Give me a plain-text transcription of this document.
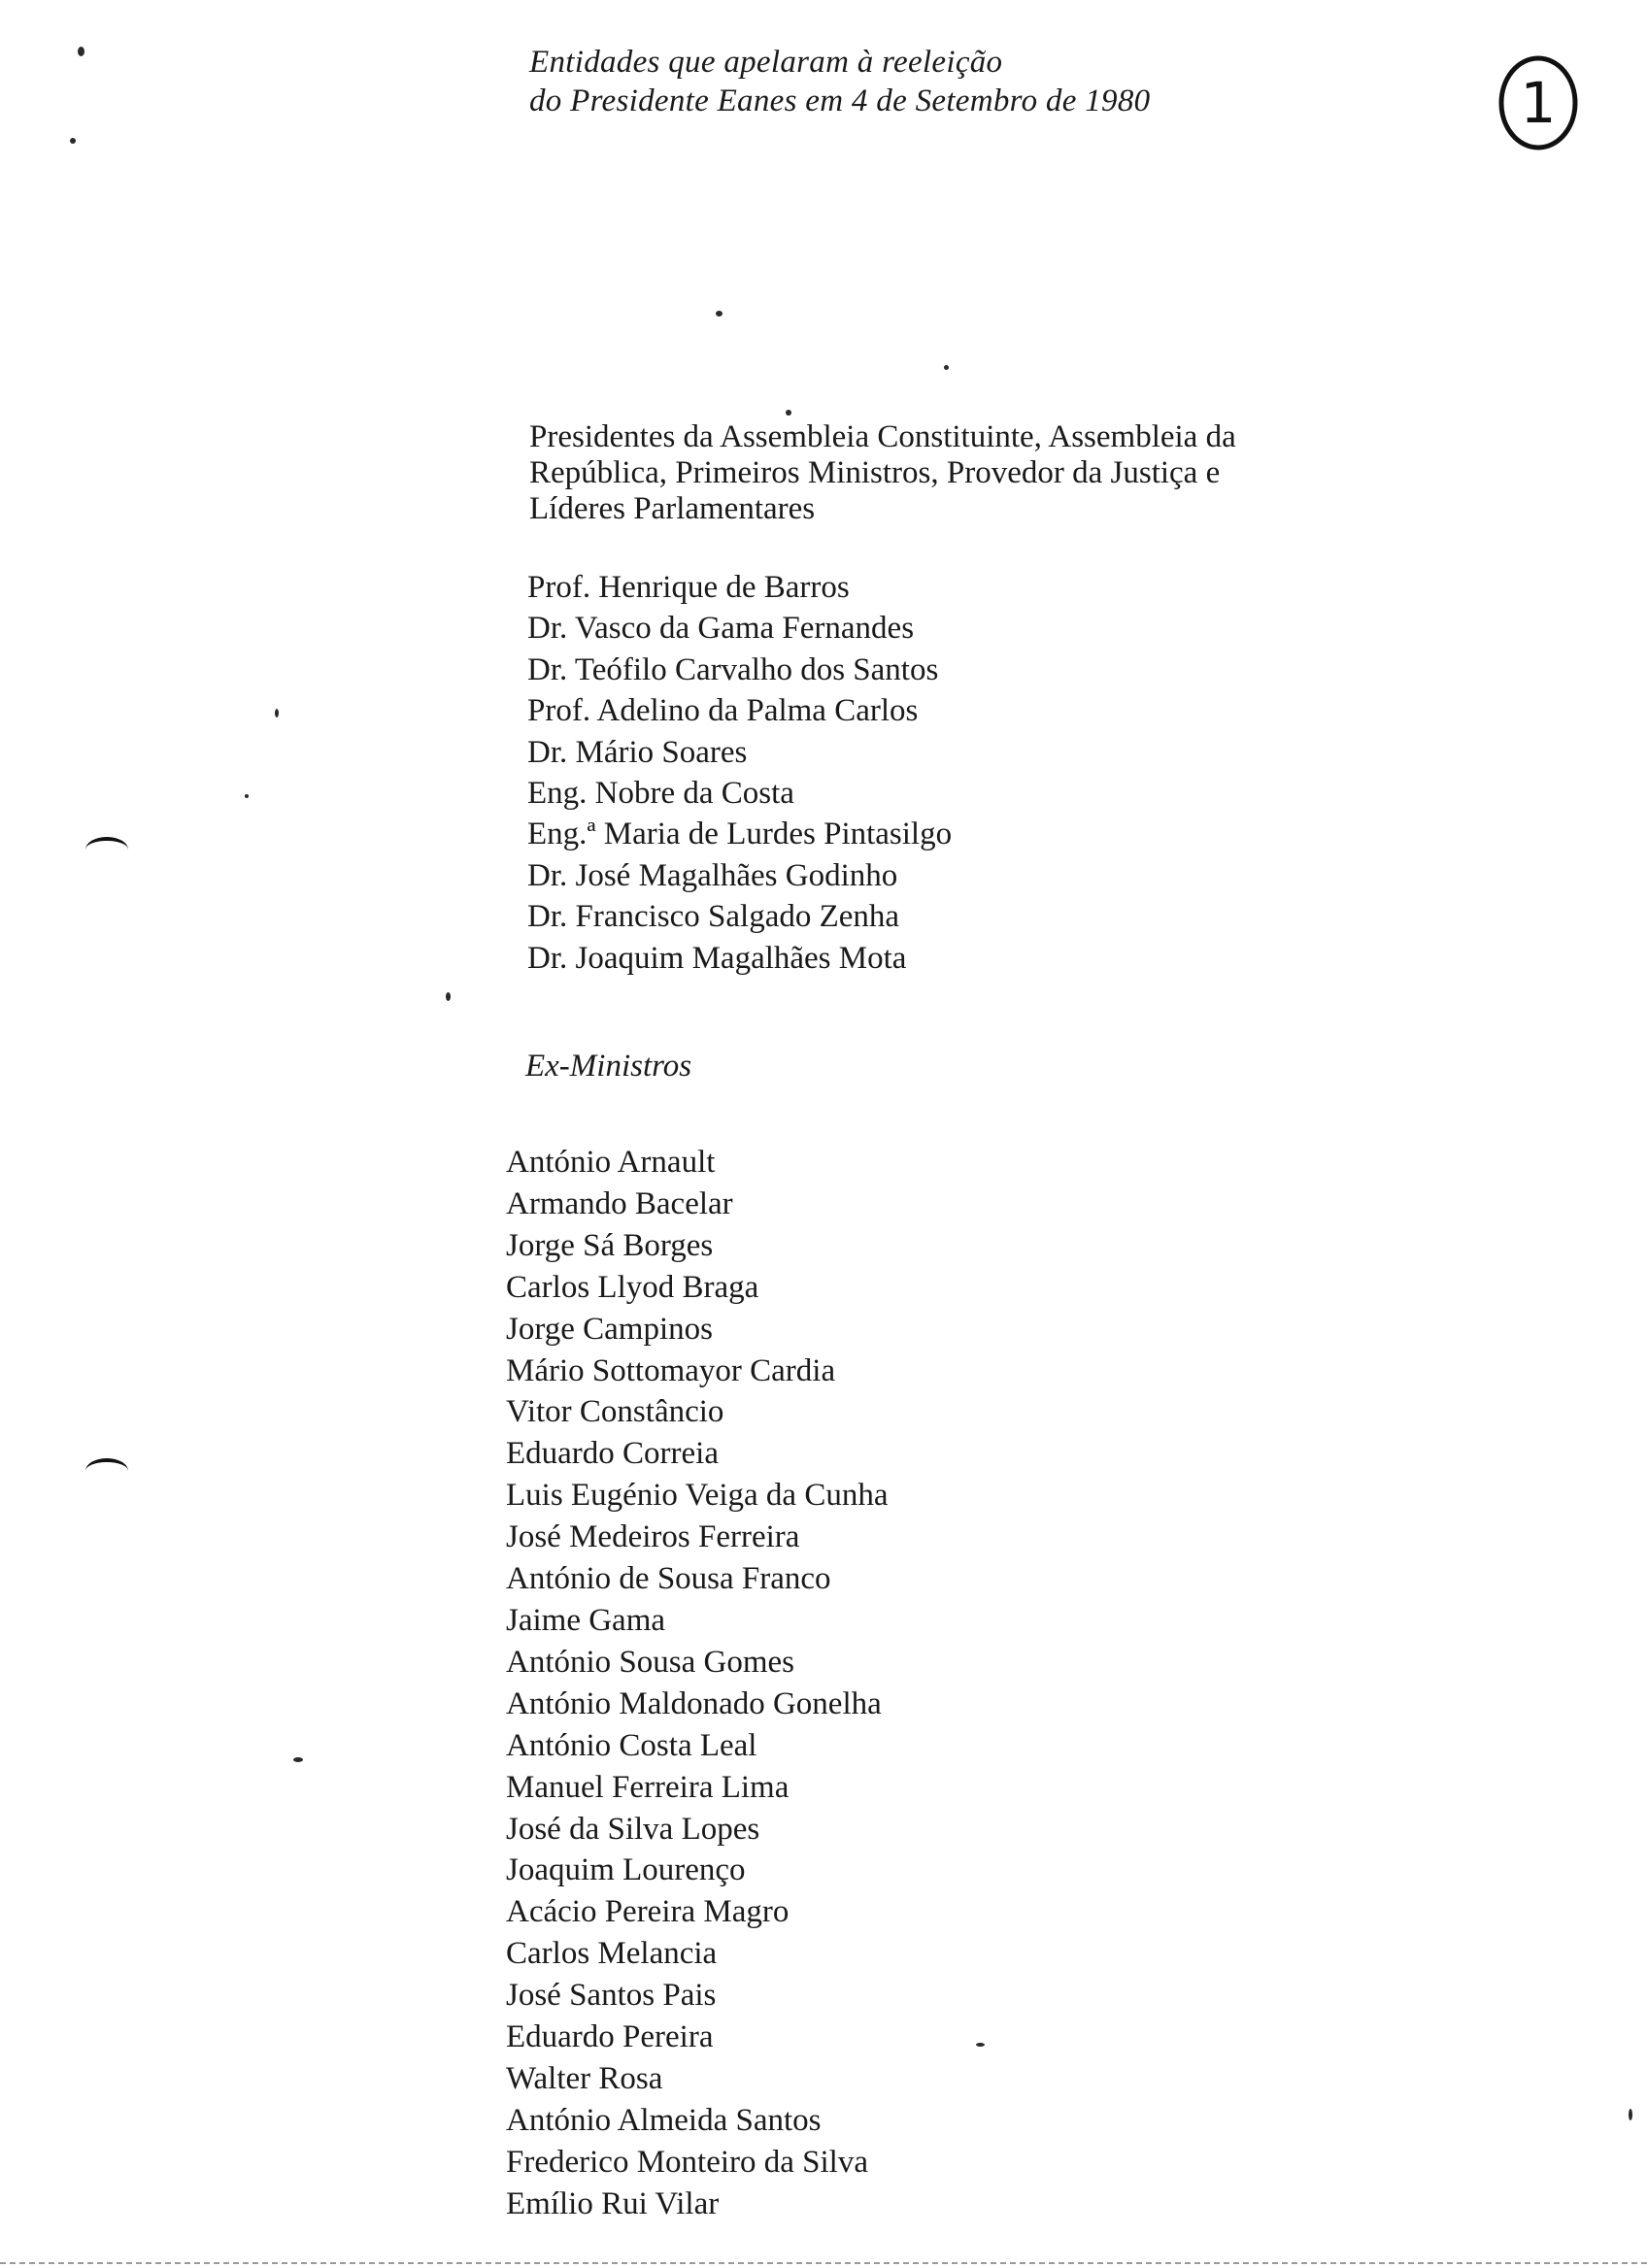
Entidades que apelaram à reeleição
do Presidente Eanes em 4 de Setembro de 1980	1
Presidentes da Assembleia Constituinte, Assembleia da
República, Primeiros Ministros, Provedor da Justiça e
Líderes Parlamentares
Prof. Henrique de Barros
Dr. Vasco da Gama Fernandes
Dr. Teófilo Carvalho dos Santos
Prof. Adelino da Palma Carlos
Dr. Mário Soares
Eng. Nobre da Costa
Eng.ª Maria de Lurdes Pintasilgo
Dr. José Magalhães Godinho
Dr. Francisco Salgado Zenha
Dr. Joaquim Magalhães Mota
Ex-Ministros
António Arnault
Armando Bacelar
Jorge Sá Borges
Carlos Llyod Braga
Jorge Campinos
Mário Sottomayor Cardia
Vitor Constâncio
Eduardo Correia
Luis Eugénio Veiga da Cunha
José Medeiros Ferreira
António de Sousa Franco
Jaime Gama
António Sousa Gomes
António Maldonado Gonelha
António Costa Leal
Manuel Ferreira Lima
José da Silva Lopes
Joaquim Lourenço
Acácio Pereira Magro
Carlos Melancia
José Santos Pais
Eduardo Pereira
Walter Rosa
António Almeida Santos
Frederico Monteiro da Silva
Emílio Rui Vilar
